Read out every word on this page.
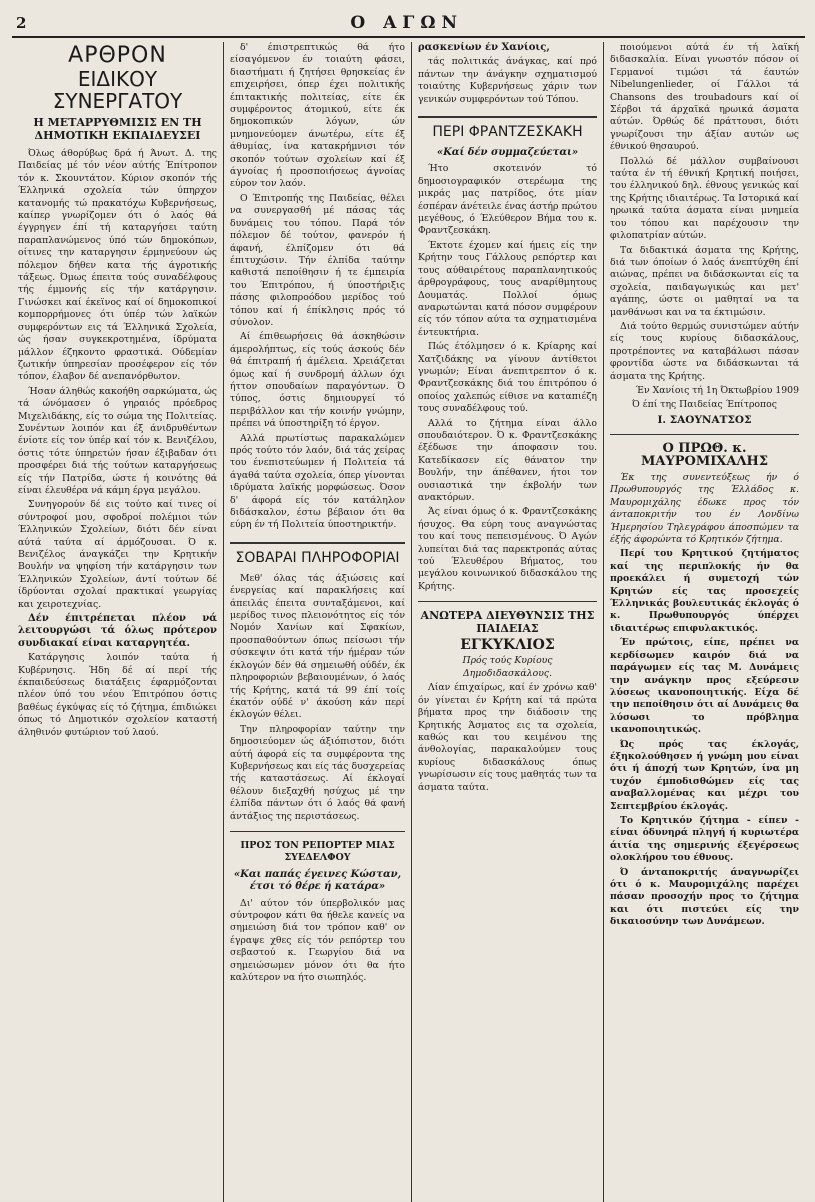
2	Ο ΑΓΩΝ
ΑΡΘΡΟΝ
ΕΙΔΙΚΟΥ ΣΥΝΕΡΓΑΤΟΥ
Η ΜΕΤΑΡΡΥΘΜΙΣΙΣ ΕΝ ΤΗ ΔΗΜΟΤΙΚΗ ΕΚΠΑΙΔΕΥΣΕΙ

Όλως άθορύβως δρά ή Άνωτ. Δ. της Παιδείας μέ τόν νέον αύτής Έπίτροπον τόν κ. Σκουντάτον. Κύριον σκοπόν τής Έλληνικά σχολεία τών ύπηρχον κατανομής τώ πρακατόχω Κυβερνήσεως, καίπερ γνωρίζομεν ότι ό λαός θά έγγρηγεν έπί τή καταργήσει ταύτη παραπλανώμενος ύπό τών δημοκόπων, οίτινες την καταργησιν έρμηνεύουν ώς πόλεμον δήθεν κατα τής άγροτικής τάξεως. Όμως έπειτα τούς συναδέλφους τής έμμονής είς τήν κατάργησιν. Γινώσκει καί έκεϊνος καί οί δημοκοπικοί κομπορρήμονες ότι ύπέρ τών λαϊκών συμφερόντων εις τά Έλληνικά Σχολεία, ώς ήσαν συγκεκροτημένα, ίδρύματα μάλλον έζηκοντο φραστικά. Ούδεμίαν ζωτικήν ύπηρεσίαν προσέφερον είς τόν τόπον, έλαβον δέ ανεπανόρθωτον.

Ήσαν άληθώς κακοήθη σαρκώματα, ώς τά ώνόμασεν ό γηραιός πρόεδρος Μιχελιδάκης, είς το σώμα της Πολιτείας. Συνέντων λοιπόν και έξ άνιδρυθέντων ένίοτε είς τον ύπέρ καί τόν κ. Βενιζέλου, όστις τότε ύπηρετών ήσαν έξιβαδαν ότι προσφέρει διά τής τούτων καταργήσεως είς τήν Πατρίδα, ώστε ή κοινότης θά είναι έλευθέρα νά κάμη έργα μεγάλου.

Συνηγορούν δέ εις τούτο καί τινες οί σύντροφοί μου, σφοδροί πολέμιοι τών Έλληνικών Σχολείων, διότι δέν είναι αύτά ταύτα αί άρμόζουσαι. Ό κ. Βενιζέλος άναγκάζει την Κρητικήν Βουλήν να ψηφίση τήν κατάργησιν των Έλληνικών Σχολείων, άντί τούτων δέ ίδρύονται σχολαί πρακτικαί γεωργίας και χειροτεχνίας.

Δέν έπιτρέπεται πλέον νά λειτουργώσι τά όλως πρότερον συνδιακαί είναι καταργητέα.

Κατάργησις λοιπόν ταύτα ή Κυβέρνησις. Ήδη δέ αί περί τής έκπαιδεύσεως διατάξεις έφαρμόζονται πλέον ύπό του νέου Έπιτρόπου όστις βαθέως έγκύψας είς τό ζήτημα, έπιδιώκει όπως τό Δημοτικόν σχολείον καταστή άληθινόν φυτώριον τού λαού.

δ' έπιστρεπτικώς θά ήτο είσαγόμενον έν τοιαύτη φάσει, διαστήματι ή ζητήσει θρησκείας έν επιχειρήσει, όπερ έχει πολιτικής έπιτακτικής πολιτείας, είτε έκ συμφέροντος άτομικού, είτε έκ δημοκοπικών λόγων, ών μνημονεύομεν άνωτέρω, είτε έξ άθυμίας, ίνα κατακρήμνισι τόν σκοπόν τούτων σχολείων καί έξ άγνοίας ή προσποιήσεως άγνοίας εύρον τον λαόν.

Ο Έπιτροπής της Παιδείας, θέλει να συνεργασθή μέ πάσας τάς δυνάμεις του τόπου. Παρά τόν πόλεμον δέ τούτον, φανερόν ή άφανή, έλπίζομεν ότι θά έπιτυχώσιν. Τήν έλπίδα ταύτην καθιστά πεποίθησιν ή τε έμπειρία του Έπιτρόπου, ή ύποστήριξις πάσης φιλοπροόδου μερίδος τού τόπου καί ή έπίκλησις πρός τό σύνολον.

Αί έπιθεωρήσεις θά άσκηθώσιν άμερολήπτως, είς τούς άσκούς δέν θά έπιτραπή ή άμέλεια. Χρειάζεται όμως καί ή συνδρομή άλλων όχι ήττον σπουδαίων παραγόντων. Ό τύπος, όστις δημιουργεί τό περιβάλλον και τήν κοινήν γνώμην, πρέπει νά ύποστηρίξη τό έργον.

Αλλά πρωτίστως παρακαλώμεν πρός τούτο τόν λαόν, διά τάς χείρας του ένεπιστεύωμεν ή Πολιτεία τά άγαθά ταύτα σχολεία, όπερ γίνονται ιδρύματα λαϊκής μορφώσεως. Όσον δ' άφορά είς τόν κατάληλον διδάσκαλον, έστω βέβαιον ότι θα εύρη έν τή Πολιτεία ύποστηρικτήν.

ΣΟΒΑΡΑΙ ΠΛΗΡΟΦΟΡΙΑΙ

Μεθ' όλας τάς άξιώσεις καί ένεργείας καί παρακλήσεις καί άπειλάς έπειτα συνταξάμενοι, καί μερίδος τινος πλειονότητος είς τόν Νομόν Χανίων καί Σφακίων, προσπαθούντων όπως πείσωσι τήν σύσκεψιν ότι κατά τήν ήμέραν τών έκλογών δέν θά σημειωθή ούδέν, έκ πληροφοριών βεβαιουμένων, ό λαός τής Κρήτης, κατά τά 99 έπί τοίς έκατόν ούδέ ν' άκούση κάν περί έκλογών θέλει.

Την πληροφορίαν ταύτην την δημοσιεύομεν ώς άξιόπιστον, διότι αύτή άφορά είς τα συμφέροντα της Κυβερνήσεως και είς τάς δυσχερείας τής καταστάσεως. Αί έκλογαί θέλουν διεξαχθή ησύχως μέ την έλπίδα πάντων ότι ό λαός θά φανή άντάξιος της περιστάσεως.

ΠΡΟΣ ΤΟΝ ΡΕΠΟΡΤΕΡ ΜΙΑΣ ΣΥΕΔΕΛΦΟΥ
«Και παπάς έγεινες Κώσταν, έτσι τό θέρε ή κατάρα»

Δι' αύτον τόν ύπερβολικόν μας σύντροφον κάτι θα ήθελε κανείς να σημειώση διά τον τρόπον καθ' ον έγραψε χθες είς τόν ρεπόρτερ του σεβαστού κ. Γεωργίου διά να σημειώσωμεν μόνον ότι θα ήτο καλύτερον να ήτο σιωπηλός.

ρασκενίων έν Χανίοις,

τάς πολιτικάς άνάγκας, καί πρό πάντων την άνάγκην σχηματισμού τοιαύτης Κυβερνήσεως χάριν των γενικών συμφερόντων τού Τόπου.

ΠΕΡΙ ΦΡΑΝΤΖΕΣΚΑΚΗ
«Καί δέν συμμαζεύεται»

Ήτο σκοτεινόν τό δημοσιογραφικόν στερέωμα της μικράς μας πατρίδος, ότε μίαν έσπέραν άνέτειλε ένας άστήρ πρώτου μεγέθους, ό Έλεύθερον Βήμα του κ. Φραντζεσκάκη.

Έκτοτε έχομεν καί ήμεις είς την Κρήτην τους Γάλλους ρεπόρτερ και τους αύθαιρέτους παραπλανητικούς άρθρογράφους, τους αναρίθμητους Δουματάς. Πολλοί όμως αναρωτώνται κατά πόσον συμφέρουν είς τόν τόπον αύτα τα σχηματισμένα έντευκτήρια.

Πώς έτόλμησεν ό κ. Κρίαρης καί Χατζιδάκης να γίνουν άντίθετοι γνωμών; Είναι άνεπιτρεπτον ό κ. Φραντζεσκάκης διά του έπιτρόπου ό οποίος χαλεπώς είθισε να καταπιέζη τους συναδέλφους τού.

Αλλά το ζήτημα είναι άλλο σπουδαιότερον. Ό κ. Φραντζεσκάκης έξέδωσε την άποφασιν του. Κατεδίκασεν είς θάνατον την Βουλήν, την άπέθανεν, ήτοι τον ουσιαστικά την έκβολήν των ανακτόρων.

Άς είναι όμως ό κ. Φραντζεσκάκης ήσυχος. Θα εύρη τους αναγνώστας του καί τους πεπεισμένους. Ό Αγών λυπείται διά τας παρεκτροπάς αύτας τού Έλευθέρου Βήματος, του μεγάλου κοινωνικού διδασκάλου της Κρήτης.

ΑΝΩΤΕΡΑ ΔΙΕΥΘΥΝΣΙΣ ΤΗΣ ΠΑΙΔΕΙΑΣ
ΕΓΚΥΚΛΙΟΣ

Πρός τούς Κυρίους Δημοδιδασκάλους.

Λίαν έπιχαίρως, καί έν χρόνω καθ' όν γίνεται έν Κρήτη καί τά πρώτα βήματα προς την διάδοσιν της Κρητικής Άσματος εις τα σχολεία, καθώς και του κειμένου της άνθολογίας, παρακαλούμεν τους κυρίους διδασκάλους όπως γνωρίσωσιν είς τους μαθητάς των τα άσματα ταύτα.

ποιούμενοι αύτά έν τή λαϊκή διδασκαλία. Είναι γνωστόν πόσον οί Γερμανοί τιμώσι τά έαυτών Nibelungenlieder, οί Γάλλοι τά Chansons des troubadours καί οί Σέρβοι τά άρχαϊκά ηρωικά άσματα αύτών. Όρθώς δέ πράττουσι, διότι γνωρίζουσι την άξίαν αυτών ως έθνικού θησαυρού.

Πολλώ δέ μάλλον συμβαίνουσι ταύτα έν τή έθνική Κρητική ποιήσει, του έλληνικού δηλ. έθνους γενικώς καί της Κρήτης ιδιαιτέρως. Τα Ιστορικά καί ηρωικά ταύτα άσματα είναι μνημεία του τόπου και παρέχουσιν την φιλοπατρίαν αύτών.

Τα διδακτικά άσματα της Κρήτης, διά των όποίων ό λαός άνεπτύχθη έπί αιώνας, πρέπει να διδάσκωνται είς τα σχολεία, παιδαγωγικώς και μετ' αγάπης, ώστε οι μαθηταί να τα μανθάνωσι και να τα έκτιμώσιν.

Διά τούτο θερμώς συνιστώμεν αύτήν είς τους κυρίους διδασκάλους, προτρέποντες να καταβάλωσι πάσαν φροντίδα ώστε να διδάσκωνται τά άσματα της Κρήτης.

Έν Χανίοις τή 1η Όκτωβρίου 1909

Ό έπί της Παιδείας Έπίτροπος

Ι. ΣΑΟΥΝΑΤΣΟΣ
Ο ΠΡΩΘ. κ. ΜΑΥΡΟΜΙΧΑΛΗΣ

Έκ της συνεντεύξεως ήν ό Πρωθυπουργός της Έλλάδος κ. Μαυρομιχάλης έδωκε προς τόν άνταποκριτήν του έν Λονδίνω Ήμερησίου Τηλεγράφου άποσπώμεν τα έξής άφορώντα τό Κρητικόν ζήτημα.

Περί του Κρητικού ζητήματος καί της περιπλοκής ήν θα προεκάλει ή συμετοχή τών Κρητών είς τας προσεχείς Έλληνικάς βουλευτικάς έκλογάς ό κ. Πρωθυπουργός ύπέρχει ιδιαιτέρως επιφυλακτικός.

Έν πρώτοις, είπε, πρέπει να κερδίσωμεν καιρόν διά να παράγωμεν είς τας Μ. Δυνάμεις την ανάγκην προς εξεύρεσιν λύσεως ικανοποιητικής. Είχα δέ την πεποίθησιν ότι αί Δυνάμεις θα λύσωσι το πρόβλημα ικανοποιητικώς.

Ώς πρός τας έκλογάς, έξηκολούθησεν ή γνώμη μου είναι ότι ή άποχή των Κρητών, ίνα μη τυχόν έμποδισθώμεν είς τας αναβαλλομένας και μέχρι του Σεπτεμβρίου έκλογάς.

Το Κρητικόν ζήτημα - είπεν - είναι όδυνηρά πληγή ή κυριωτέρα άιτία της σημερινής έξεγέρσεως ολοκλήρου του έθνους.

Ό άνταποκριτής άναγνωρίζει ότι ό κ. Μαυρομιχάλης παρέχει πάσαν προσοχήν προς το ζήτημα και ότι πιστεύει είς την δικαιοσύνην των Δυνάμεων.
